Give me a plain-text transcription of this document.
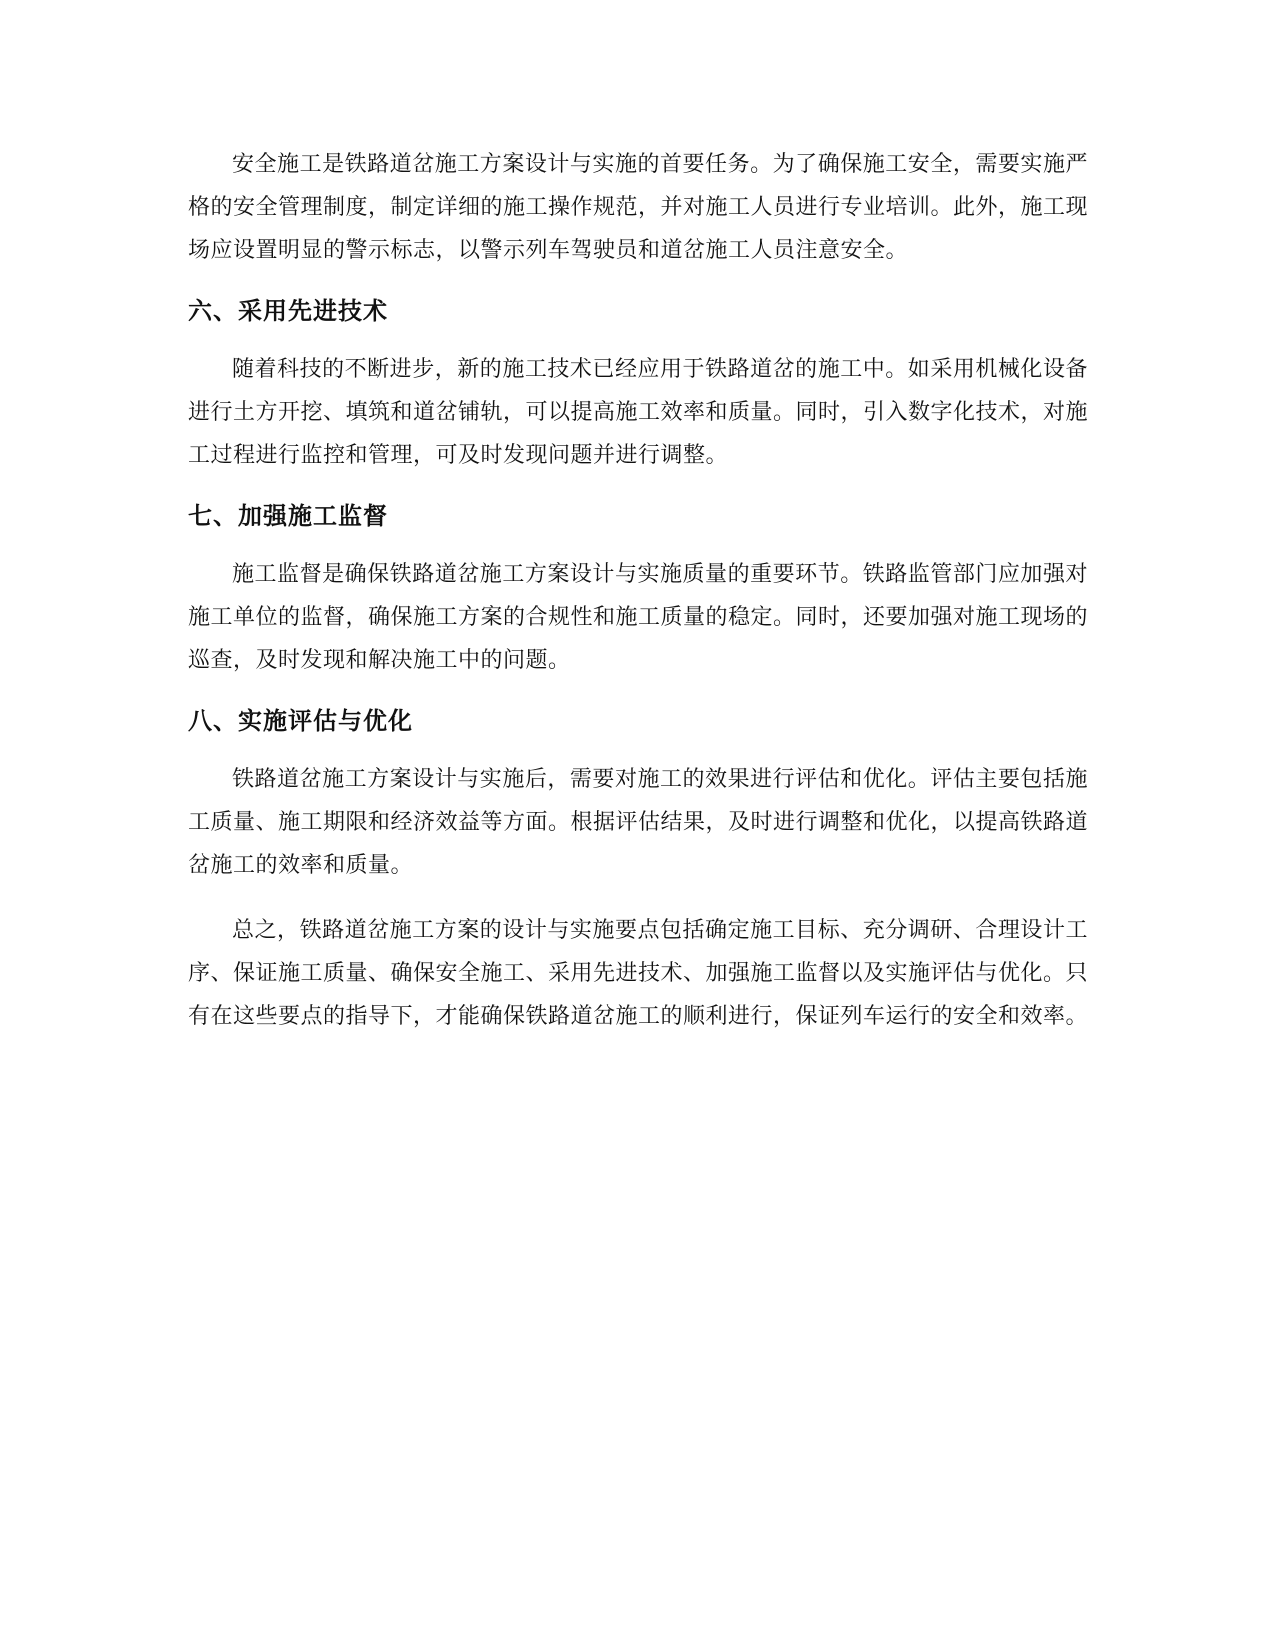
安全施工是铁路道岔施工方案设计与实施的首要任务。为了确保施工安全，需要实施严格的安全管理制度，制定详细的施工操作规范，并对施工人员进行专业培训。此外，施工现场应设置明显的警示标志，以警示列车驾驶员和道岔施工人员注意安全。

六、采用先进技术

随着科技的不断进步，新的施工技术已经应用于铁路道岔的施工中。如采用机械化设备进行土方开挖、填筑和道岔铺轨，可以提高施工效率和质量。同时，引入数字化技术，对施工过程进行监控和管理，可及时发现问题并进行调整。

七、加强施工监督

施工监督是确保铁路道岔施工方案设计与实施质量的重要环节。铁路监管部门应加强对施工单位的监督，确保施工方案的合规性和施工质量的稳定。同时，还要加强对施工现场的巡查，及时发现和解决施工中的问题。

八、实施评估与优化

铁路道岔施工方案设计与实施后，需要对施工的效果进行评估和优化。评估主要包括施工质量、施工期限和经济效益等方面。根据评估结果，及时进行调整和优化，以提高铁路道岔施工的效率和质量。

总之，铁路道岔施工方案的设计与实施要点包括确定施工目标、充分调研、合理设计工序、保证施工质量、确保安全施工、采用先进技术、加强施工监督以及实施评估与优化。只有在这些要点的指导下，才能确保铁路道岔施工的顺利进行，保证列车运行的安全和效率。
